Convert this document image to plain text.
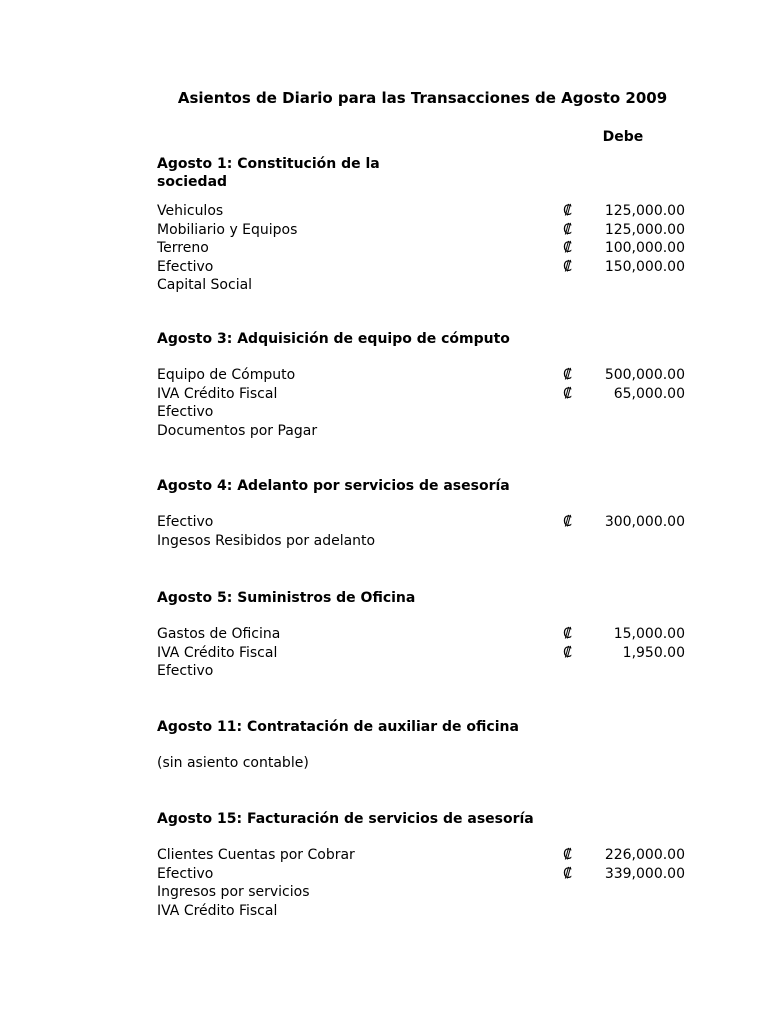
Asientos de Diario para las Transacciones de Agosto 2009
Debe
Agosto 1: Constitución de la sociedad
Vehiculos	₡ 125,000.00
Mobiliario y Equipos	₡ 125,000.00
Terreno	₡ 100,000.00
Efectivo	₡ 150,000.00
Capital Social
Agosto 3: Adquisición de equipo de cómputo
Equipo de Cómputo	₡ 500,000.00
IVA Crédito Fiscal	₡	65,000.00
Efectivo
Documentos por Pagar
Agosto 4: Adelanto por servicios de asesoría
Efectivo	₡ 300,000.00
Ingesos Resibidos por adelanto
Agosto 5: Suministros de Oficina
Gastos de Oficina	₡	15,000.00
IVA Crédito Fiscal	₡	1,950.00
Efectivo
Agosto 11: Contratación de auxiliar de oficina
(sin asiento contable)
Agosto 15: Facturación de servicios de asesoría
Clientes Cuentas por Cobrar	₡ 226,000.00
Efectivo	₡ 339,000.00
Ingresos por servicios
IVA Crédito Fiscal
